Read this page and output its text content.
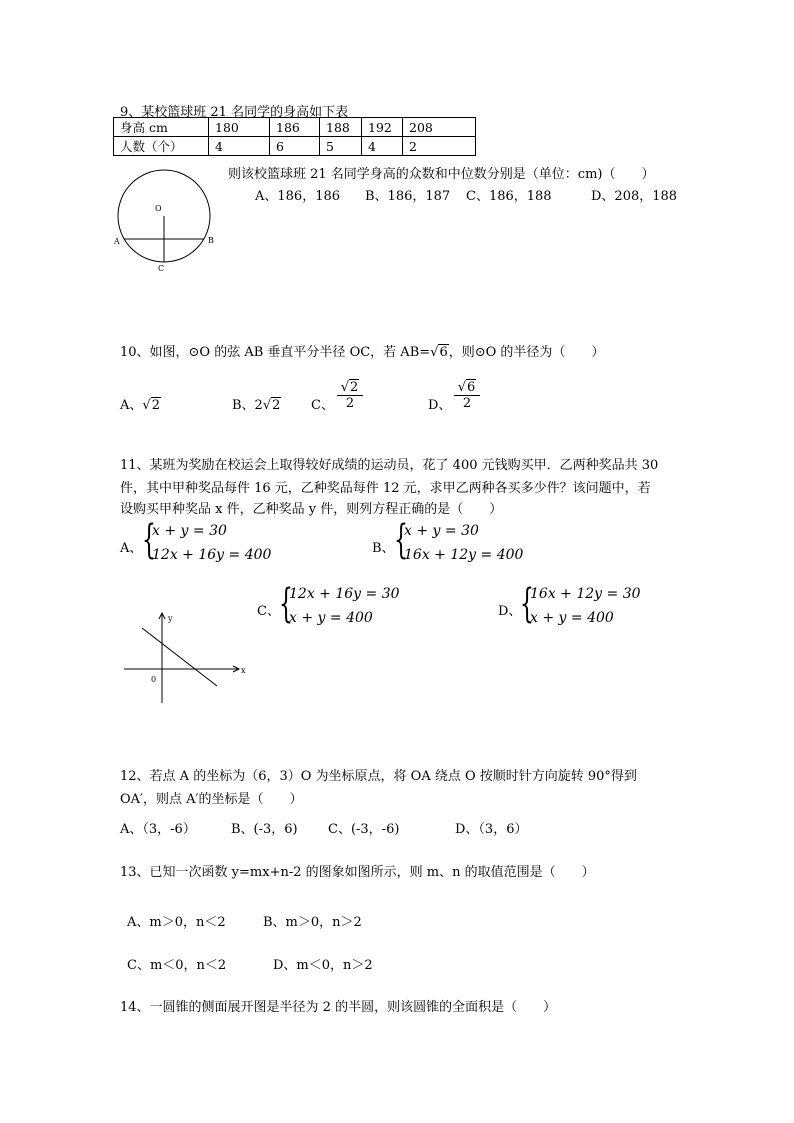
9、某校篮球班 21 名同学的身高如下表
身高 cm	180	186	188	192	208
人数（个）	4	6	5	4	2
则该校篮球班 21 名同学身高的众数和中位数分别是（单位：cm)（　　）
A、186，186 B、186，187 C、186，188	D、208，188
O
A	B
C
10、如图，⊙O 的弦 AB 垂直平分半径 OC，若 AB=√6，则⊙O 的半径为（　　）
A、√2	B、2√2 C、 $\frac{√2}{2}$	D、 $\frac{√6}{2}$
11、某班为奖励在校运会上取得较好成绩的运动员，花了 400 元钱购买甲．乙两种奖品共 30
件，其中甲种奖品每件 16 元，乙种奖品每件 12 元，求甲乙两种各买多少件？该问题中，若
设购买甲种奖品 x 件，乙种奖品 y 件，则列方程正确的是（　　）
A、 {
x + y = 30
12x + 16y = 400	B、 {
x + y = 30
16x + 12y = 400
C、 {
12x + 16y = 30
x + y = 400	D、
{
16x + 12y = 30
x + y = 400
x
y
0
12、若点 A 的坐标为（6，3）O 为坐标原点，将 OA 绕点 O 按顺时针方向旋转 90°得到
OA′，则点 A′的坐标是（　　）
A、（3，-6）	B、(-3，6) C、(-3，-6)	D、（3，6）
13、已知一次函数 y=mx+n-2 的图象如图所示，则 m、n 的取值范围是（　　）
A、m＞0，n＜2	B、m＞0，n＞2
C、m＜0，n＜2	D、m＜0，n＞2
14、一圆锥的侧面展开图是半径为 2 的半圆，则该圆锥的全面积是（　　）
